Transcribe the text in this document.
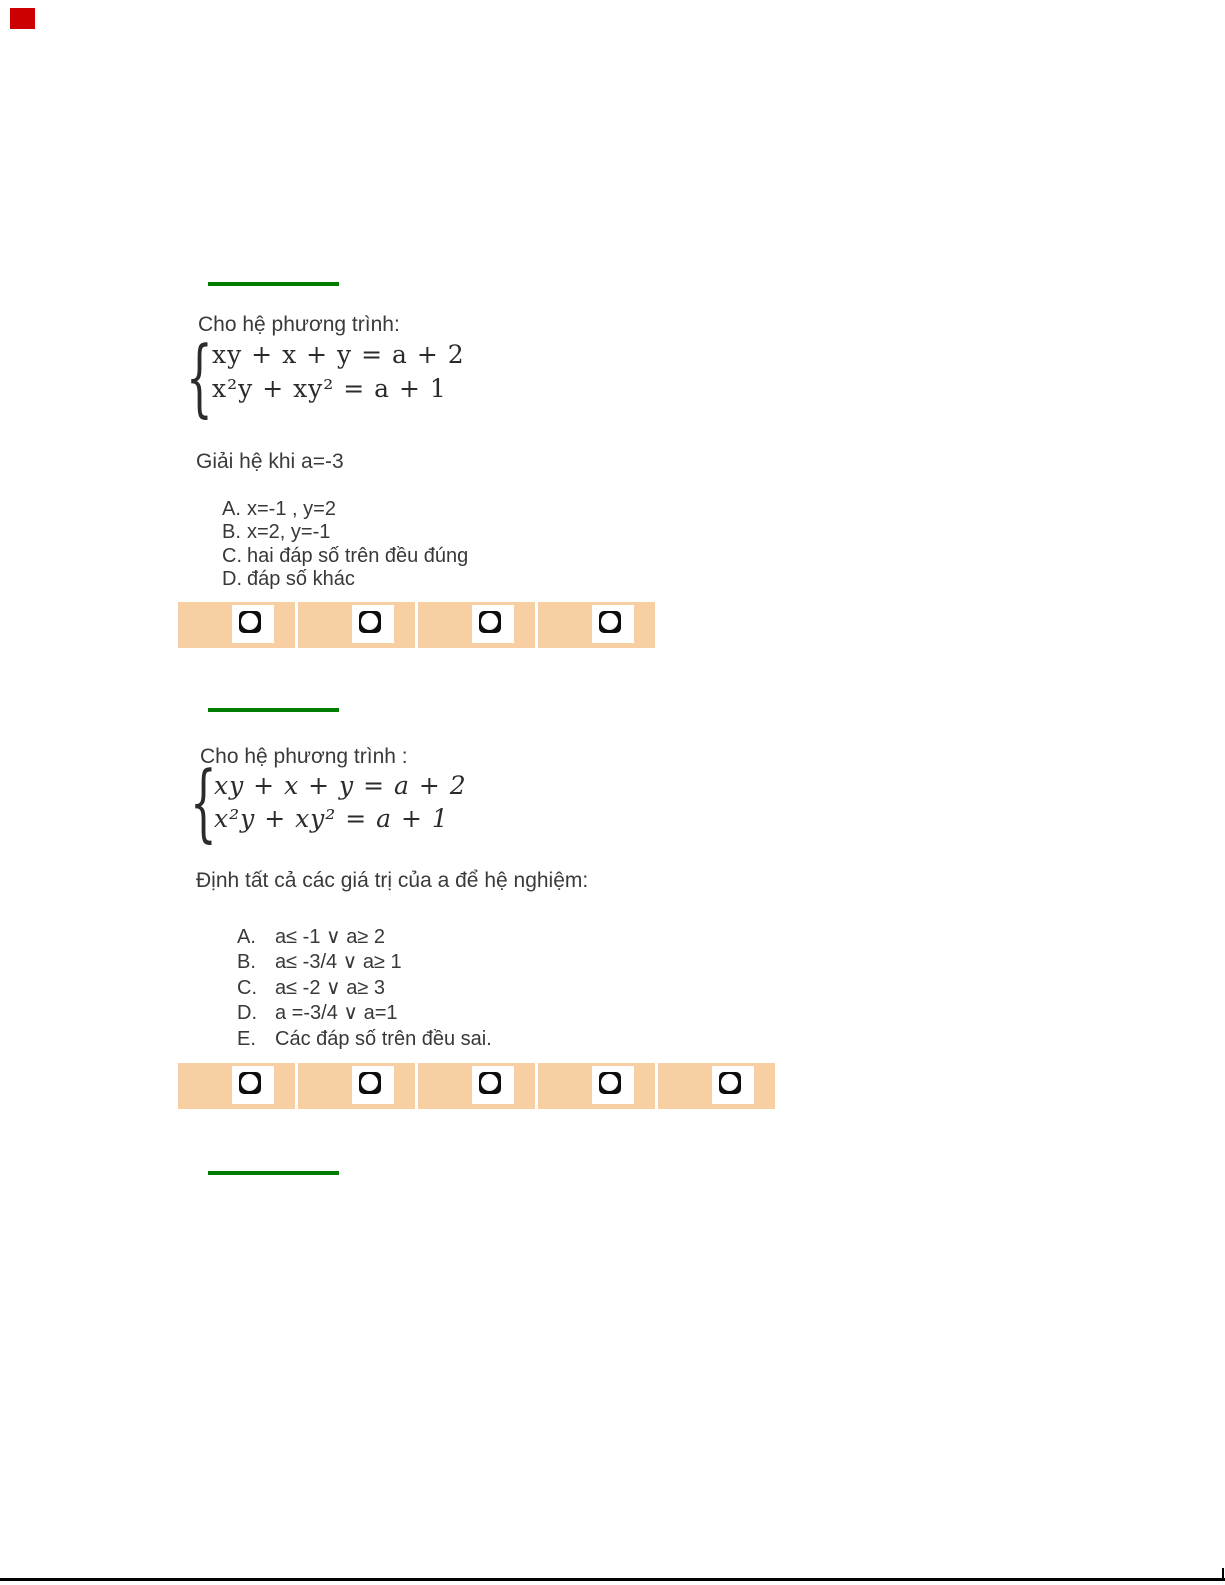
Cho hệ phương trình:
{ xy + x + y = a + 2
x²y + xy² = a + 1
Giải hệ khi a=-3
A. x=-1 , y=2
B. x=2, y=-1
C. hai đáp số trên đều đúng
D. đáp số khác
Cho hệ phương trình :
{
xy + x + y = a + 2
x²y + xy² = a + 1
Định tất cả các giá trị của a để hệ nghiệm:
A. a≤ -1 ∨ a≥ 2
B. a≤ -3/4 ∨ a≥ 1
C. a≤ -2 ∨ a≥ 3
D. a =-3/4 ∨ a=1
E. Các đáp số trên đều sai.
